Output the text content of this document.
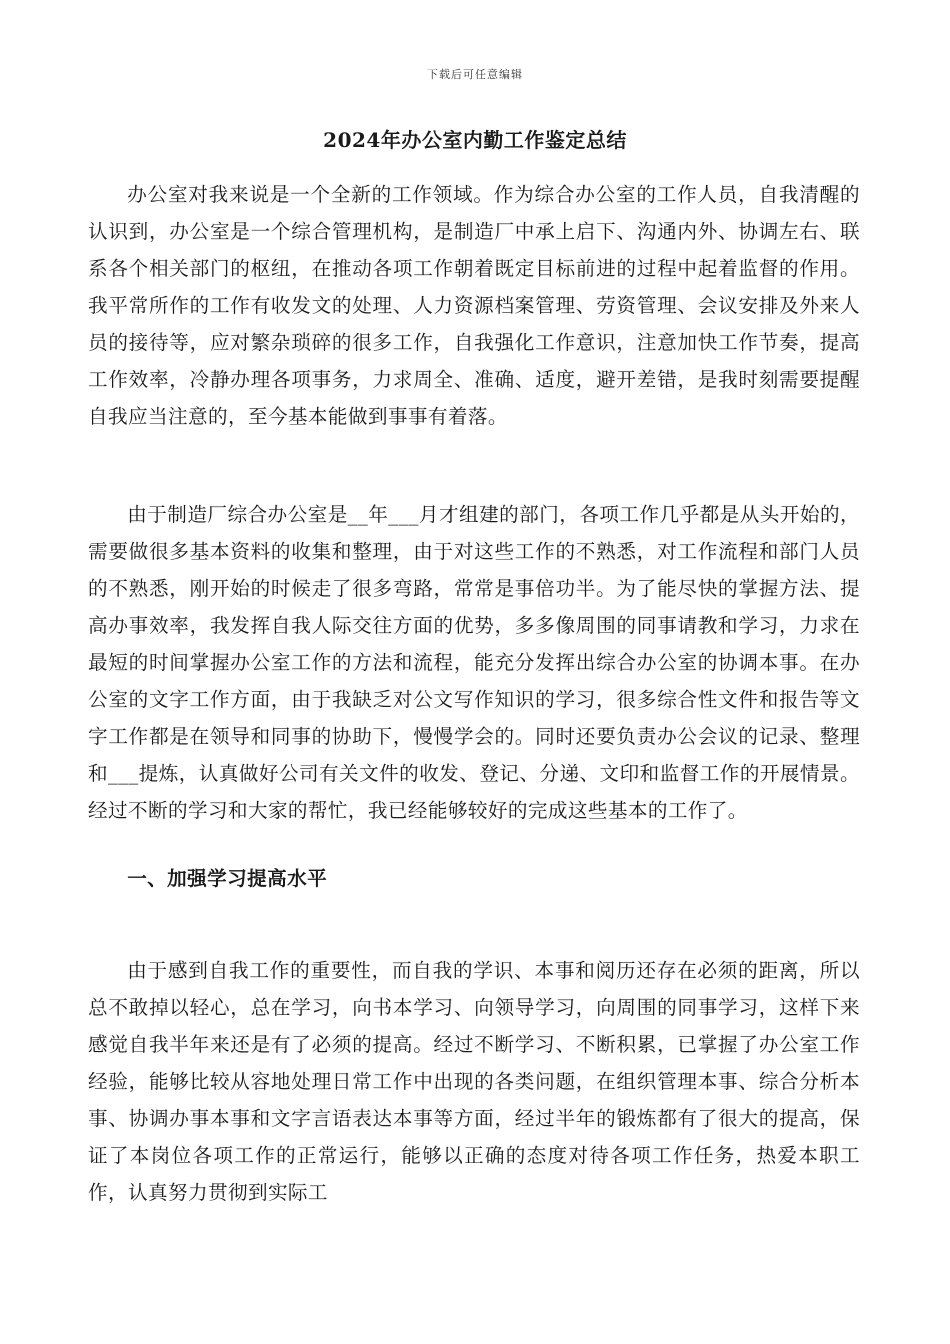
下载后可任意编辑
2024年办公室内勤工作鉴定总结

办公室对我来说是一个全新的工作领域。作为综合办公室的工作人员，自我清醒的认识到，办公室是一个综合管理机构，是制造厂中承上启下、沟通内外、协调左右、联系各个相关部门的枢纽，在推动各项工作朝着既定目标前进的过程中起着监督的作用。我平常所作的工作有收发文的处理、人力资源档案管理、劳资管理、会议安排及外来人员的接待等，应对繁杂琐碎的很多工作，自我强化工作意识，注意加快工作节奏，提高工作效率，冷静办理各项事务，力求周全、准确、适度，避开差错，是我时刻需要提醒自我应当注意的，至今基本能做到事事有着落。

由于制造厂综合办公室是__年___月才组建的部门，各项工作几乎都是从头开始的，需要做很多基本资料的收集和整理，由于对这些工作的不熟悉，对工作流程和部门人员的不熟悉，刚开始的时候走了很多弯路，常常是事倍功半。为了能尽快的掌握方法、提高办事效率，我发挥自我人际交往方面的优势，多多像周围的同事请教和学习，力求在最短的时间掌握办公室工作的方法和流程，能充分发挥出综合办公室的协调本事。在办公室的文字工作方面，由于我缺乏对公文写作知识的学习，很多综合性文件和报告等文字工作都是在领导和同事的协助下，慢慢学会的。同时还要负责办公会议的记录、整理和___提炼，认真做好公司有关文件的收发、登记、分递、文印和监督工作的开展情景。经过不断的学习和大家的帮忙，我已经能够较好的完成这些基本的工作了。

一、加强学习提高水平

由于感到自我工作的重要性，而自我的学识、本事和阅历还存在必须的距离，所以总不敢掉以轻心，总在学习，向书本学习、向领导学习，向周围的同事学习，这样下来感觉自我半年来还是有了必须的提高。经过不断学习、不断积累，已掌握了办公室工作经验，能够比较从容地处理日常工作中出现的各类问题，在组织管理本事、综合分析本事、协调办事本事和文字言语表达本事等方面，经过半年的锻炼都有了很大的提高，保证了本岗位各项工作的正常运行，能够以正确的态度对待各项工作任务，热爱本职工作，认真努力贯彻到实际工
